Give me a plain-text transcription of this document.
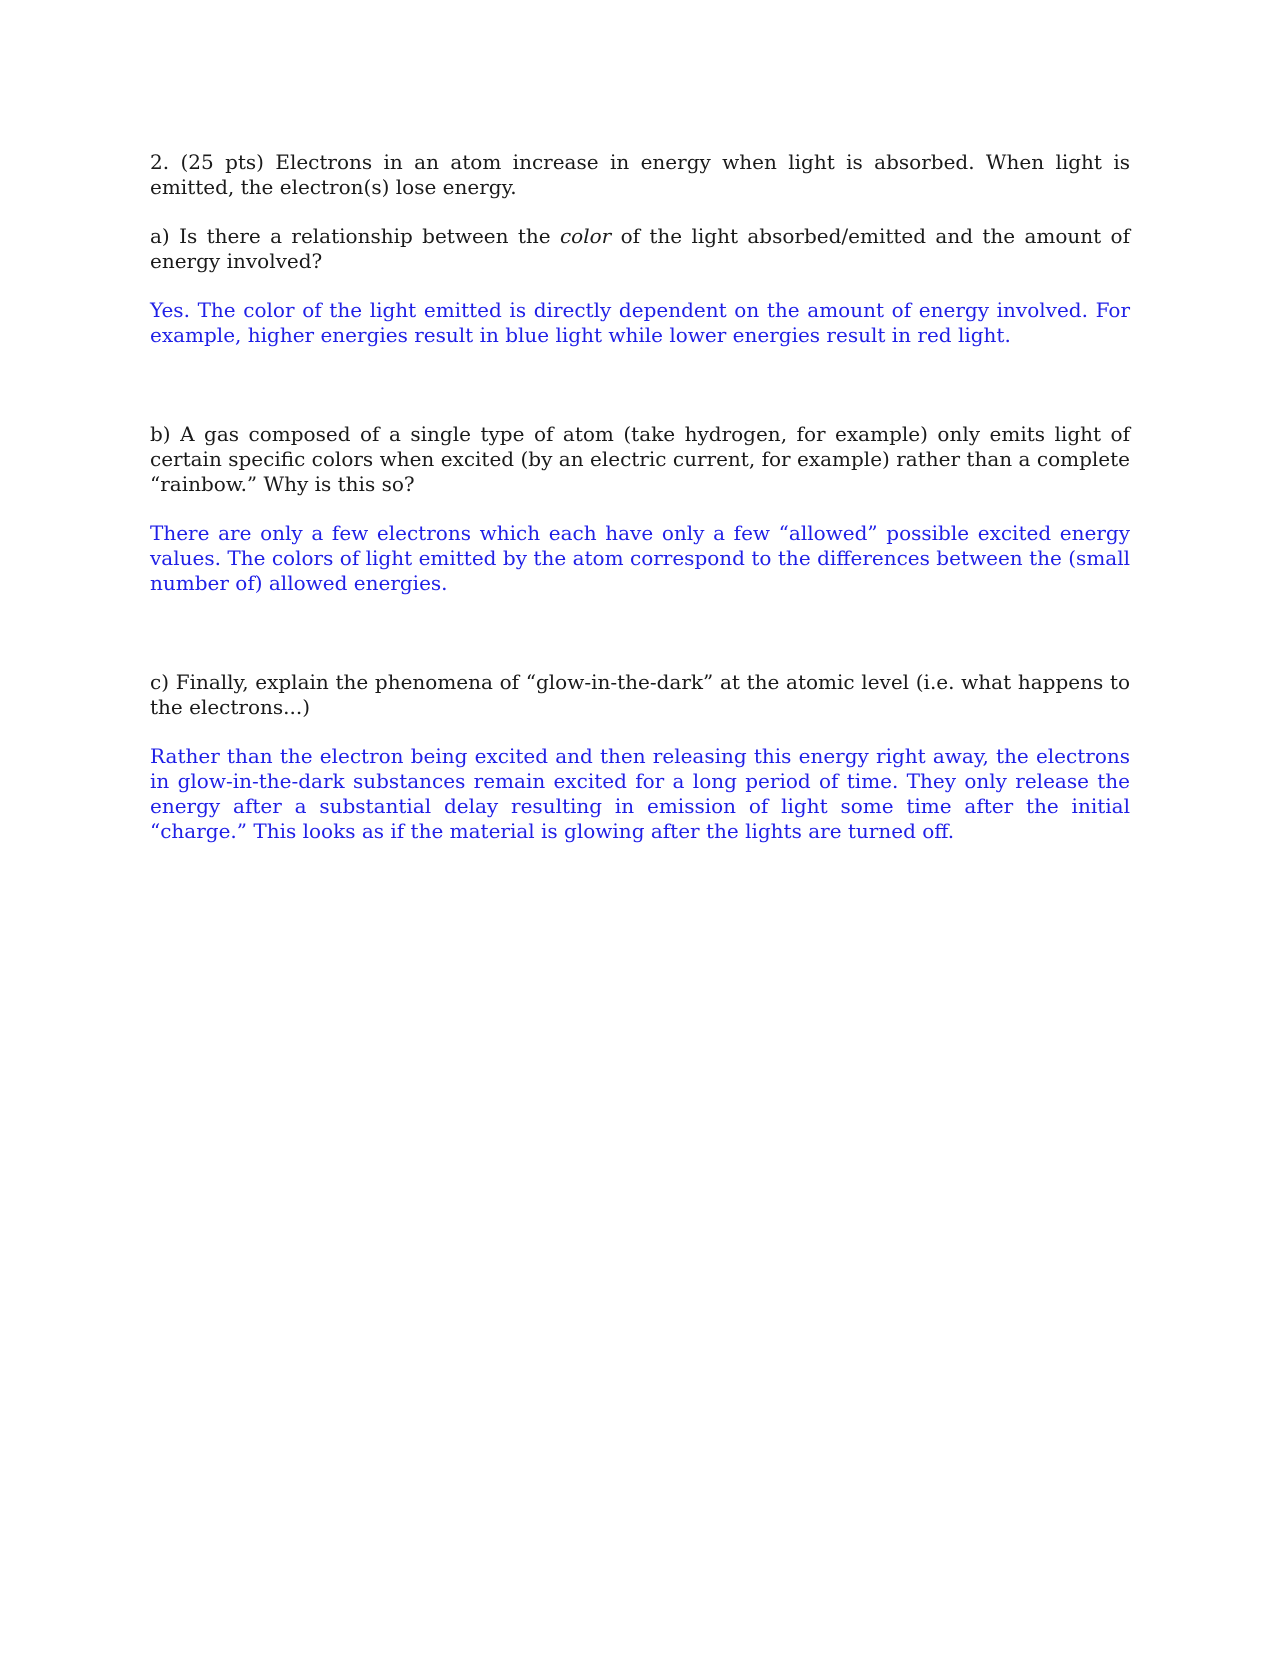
2. (25 pts) Electrons in an atom increase in energy when light is absorbed. When light is emitted, the electron(s) lose energy.

a) Is there a relationship between the color of the light absorbed/emitted and the amount of energy involved?

Yes. The color of the light emitted is directly dependent on the amount of energy involved. For example, higher energies result in blue light while lower energies result in red light.

b) A gas composed of a single type of atom (take hydrogen, for example) only emits light of certain specific colors when excited (by an electric current, for example) rather than a complete “rainbow.” Why is this so?

There are only a few electrons which each have only a few “allowed” possible excited energy values. The colors of light emitted by the atom correspond to the differences between the (small number of) allowed energies.

c) Finally, explain the phenomena of “glow-in-the-dark” at the atomic level (i.e. what happens to the electrons...)

Rather than the electron being excited and then releasing this energy right away, the electrons in glow-in-the-dark substances remain excited for a long period of time. They only release the energy after a substantial delay resulting in emission of light some time after the initial “charge.” This looks as if the material is glowing after the lights are turned off.
